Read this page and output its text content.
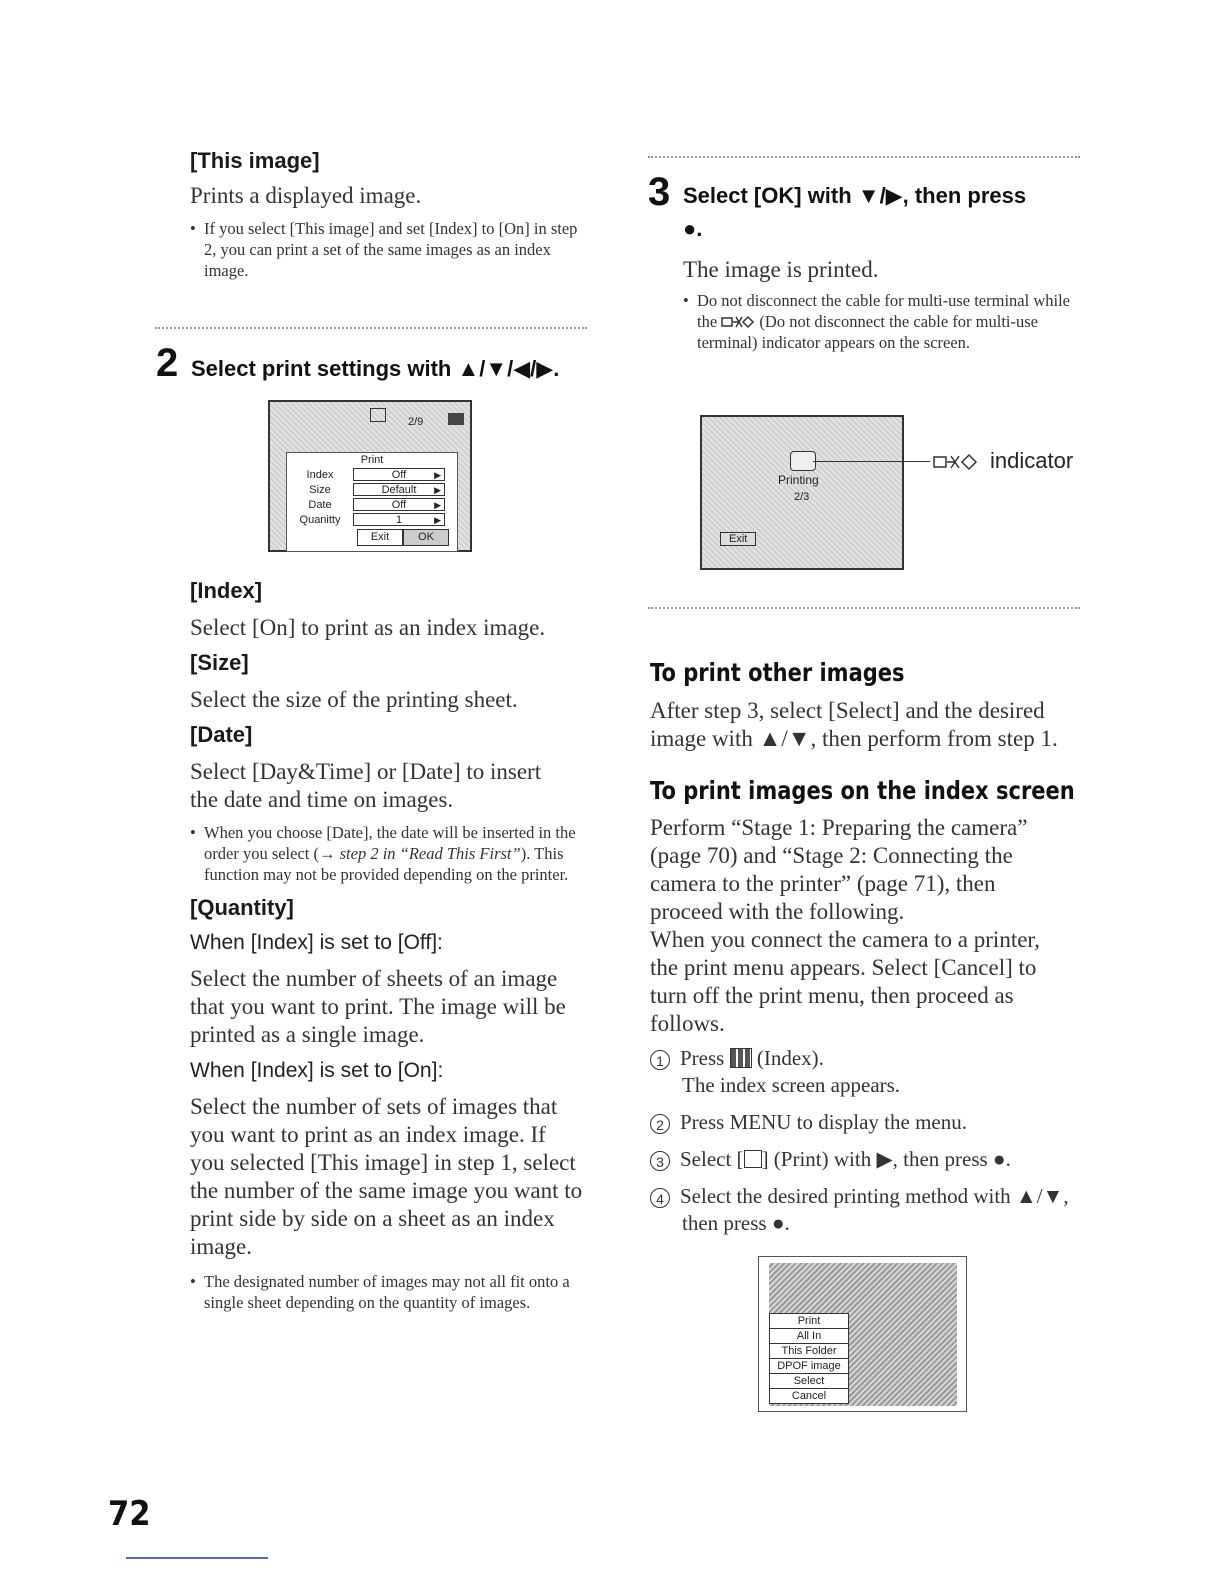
[This image]

Prints a displayed image.

• If you select [This image] and set [Index] to [On] in step 2, you can print a set of the same images as an index image.

2 Select print settings with ▲/▼/◀/▶.
2/9
Print
Index	Off	▶
Size	Default ▶
Date	Off	▶
Quanitty	1	▶
Exit	OK
[Index]

Select [On] to print as an index image.

[Size]

Select the size of the printing sheet.

[Date]

Select [Day&Time] or [Date] to insert the date and time on images.

• When you choose [Date], the date will be inserted in the order you select (→ step 2 in “Read This First”). This function may not be provided depending on the printer.

[Quantity]

When [Index] is set to [Off]:

Select the number of sheets of an image that you want to print. The image will be printed as a single image.

When [Index] is set to [On]:

Select the number of sets of images that you want to print as an index image. If you selected [This image] in step 1, select the number of the same image you want to print side by side on a sheet as an index image.

• The designated number of images may not all fit onto a single sheet depending on the quantity of images.

3 Select [OK] with ▼/▶, then press
●.

The image is printed.

• Do not disconnect the cable for multi-use terminal while the  (Do not disconnect the cable for multi-use terminal) indicator appears on the screen.

Printing
2/3
Exit
indicator
To print other images

After step 3, select [Select] and the desired image with ▲/▼, then perform from step 1.

To print images on the index screen

Perform “Stage 1: Preparing the camera” (page 70) and “Stage 2: Connecting the camera to the printer” (page 71), then proceed with the following.

When you connect the camera to a printer, the print menu appears. Select [Cancel] to turn off the print menu, then proceed as follows.

1 Press  (Index).

The index screen appears.

2 Press MENU to display the menu.

3 Select [ ] (Print) with ▶, then press ●.

4 Select the desired printing method with ▲/▼, then press ●.

Print
All In
This Folder
DPOF image
Select
Cancel
72
